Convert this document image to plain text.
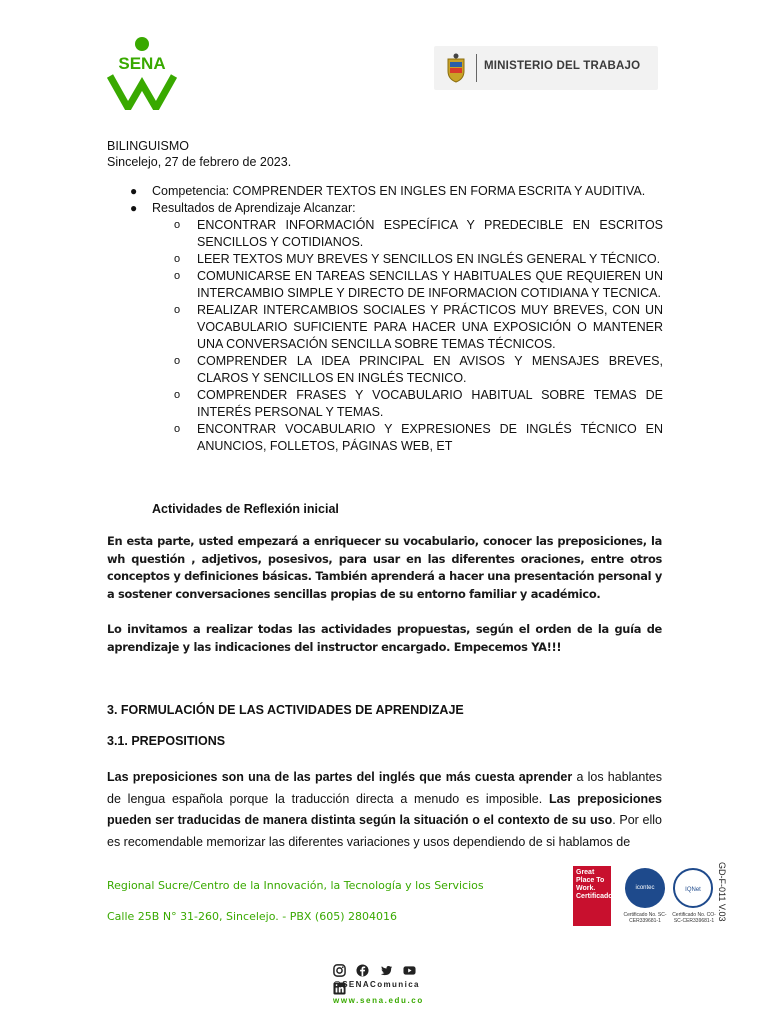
SENA	MINISTERIO DEL TRABAJO
BILINGUISMO
Sincelejo, 27 de febrero de 2023.
● Competencia: COMPRENDER TEXTOS EN INGLES EN FORMA ESCRITA Y AUDITIVA.
● Resultados de Aprendizaje Alcanzar:
o ENCONTRAR INFORMACIÓN ESPECÍFICA Y PREDECIBLE EN ESCRITOS SENCILLOS Y COTIDIANOS.
o LEER TEXTOS MUY BREVES Y SENCILLOS EN INGLÉS GENERAL Y TÉCNICO.
o COMUNICARSE EN TAREAS SENCILLAS Y HABITUALES QUE REQUIEREN UN INTERCAMBIO SIMPLE Y DIRECTO DE INFORMACION COTIDIANA Y TECNICA.
o REALIZAR INTERCAMBIOS SOCIALES Y PRÁCTICOS MUY BREVES, CON UN VOCABULARIO SUFICIENTE PARA HACER UNA EXPOSICIÓN O MANTENER UNA CONVERSACIÓN SENCILLA SOBRE TEMAS TÉCNICOS.
o COMPRENDER LA IDEA PRINCIPAL EN AVISOS Y MENSAJES BREVES, CLAROS Y SENCILLOS EN INGLÉS TECNICO.
o COMPRENDER FRASES Y VOCABULARIO HABITUAL SOBRE TEMAS DE INTERÉS PERSONAL Y TEMAS.
o ENCONTRAR VOCABULARIO Y EXPRESIONES DE INGLÉS TÉCNICO EN ANUNCIOS, FOLLETOS, PÁGINAS WEB, ET
Actividades de Reflexión inicial
En esta parte, usted empezará a enriquecer su vocabulario, conocer las preposiciones, la wh questión , adjetivos, posesivos, para usar en las diferentes oraciones, entre otros conceptos y definiciones básicas. También aprenderá a hacer una presentación personal y a sostener conversaciones sencillas propias de su entorno familiar y académico.
Lo invitamos a realizar todas las actividades propuestas, según el orden de la guía de aprendizaje y las indicaciones del instructor encargado. Empecemos YA!!!
3. FORMULACIÓN DE LAS ACTIVIDADES DE APRENDIZAJE
3.1. PREPOSITIONS
Las preposiciones son una de las partes del inglés que más cuesta aprender a los hablantes de lengua española porque la traducción directa a menudo es imposible. Las preposiciones pueden ser traducidas de manera distinta según la situación o el contexto de su uso. Por ello es recomendable memorizar las diferentes variaciones y usos dependiendo de si hablamos de
Regional Sucre/Centro de la Innovación, la Tecnología y los Servicios
Calle 25B N° 31-260, Sincelejo. - PBX (605) 2804016
Great Place To Work. Certificado
icontec	IQNet
Certificado No. SC-CER339681-1
Certificado No. CO-SC-CER339681-1 GD-F-011 V.03

@SENAComunica
www.sena.edu.co
